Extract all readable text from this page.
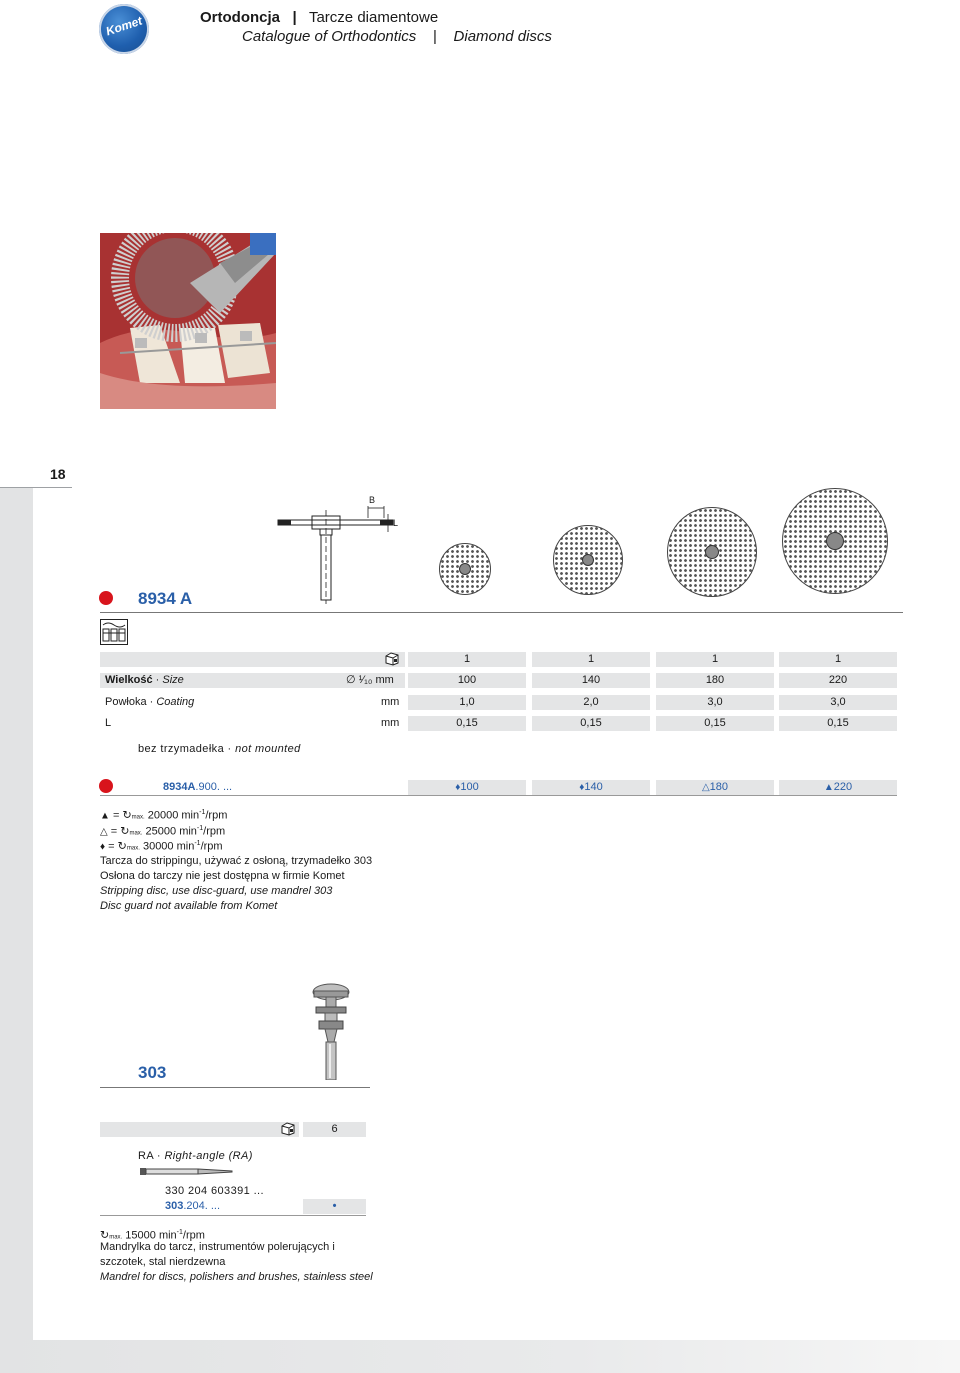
Komet	Ortodoncja | Tarcze diamentowe
Catalogue of Orthodontics | Diamond discs
18
B
L
8934 A
1	1	1	1
Wielkość · Size	∅ ¹⁄₁₀ mm	100	140	180	220
Powłoka · Coating	mm	1,0	2,0	3,0	3,0
L	mm	0,15	0,15	0,15	0,15
bez trzymadełka · not mounted
8934A.900. ...	♦100	♦140	△180	▲220
▲ = ↻max. 20000 $\min^{-1}$/rpm
△ = ↻max. 25000 $\min^{-1}$/rpm
♦ = ↻max. 30000 $\min^{-1}$/rpm
Tarcza do strippingu, używać z osłoną, trzymadełko 303
Osłona do tarczy nie jest dostępna w firmie Komet
Stripping disc, use disc-guard, use mandrel 303
Disc guard not available from Komet
303
6
RA · Right-angle (RA)
330 204 603391 ...
303.204. ...	•
↻max. 15000 $\min^{-1}$/rpm
Mandrylka do tarcz, instrumentów polerujących i
szczotek, stal nierdzewna
Mandrel for discs, polishers and brushes, stainless steel
